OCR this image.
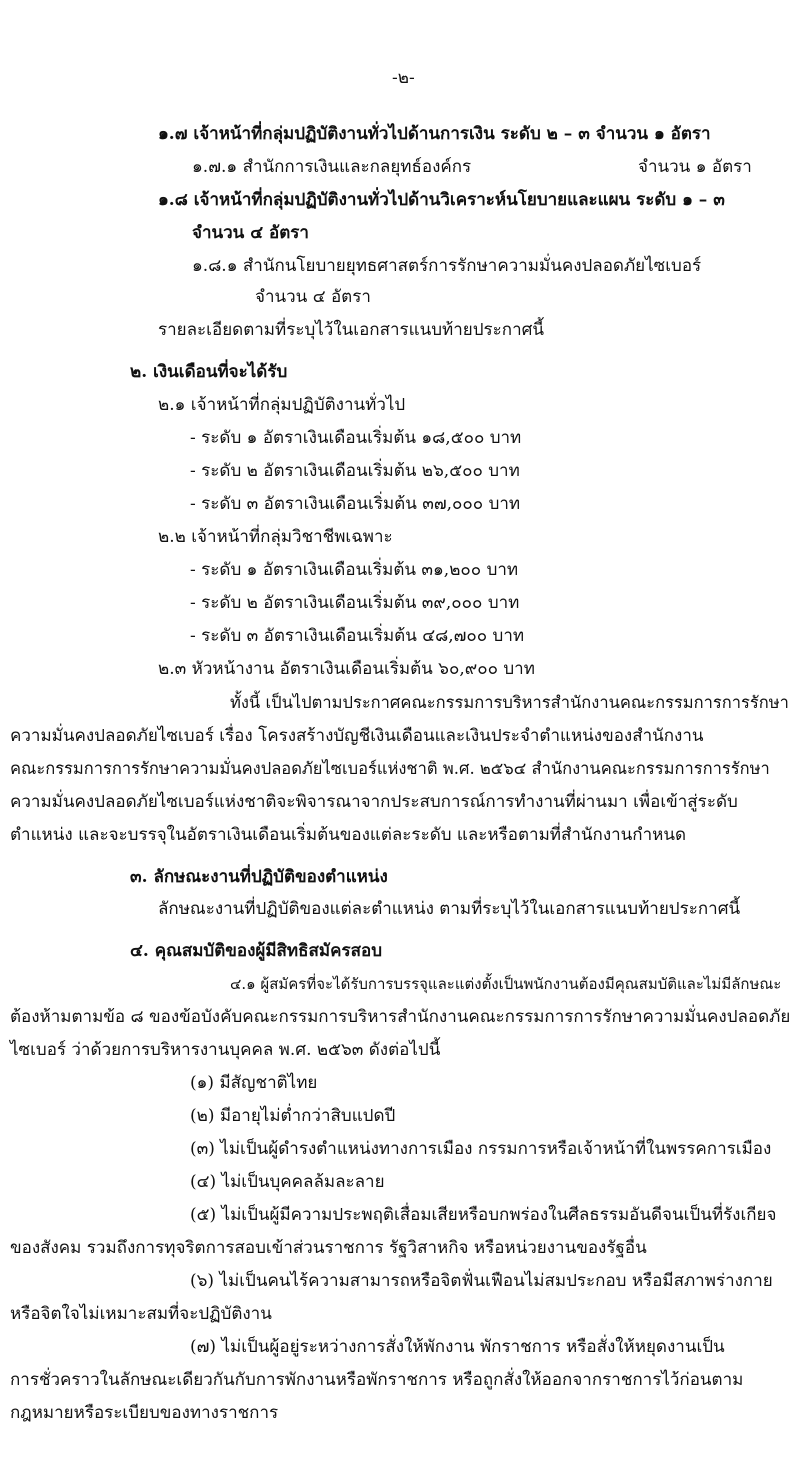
-๒-
๑.๗ เจ้าหน้าที่กลุ่มปฏิบัติงานทั่วไปด้านการเงิน ระดับ ๒ – ๓ จำนวน ๑ อัตรา
๑.๗.๑ สำนักการเงินและกลยุทธ์องค์กร	จำนวน ๑ อัตรา
๑.๘ เจ้าหน้าที่กลุ่มปฏิบัติงานทั่วไปด้านวิเคราะห์นโยบายและแผน ระดับ ๑ – ๓
จำนวน ๔ อัตรา
๑.๘.๑ สำนักนโยบายยุทธศาสตร์การรักษาความมั่นคงปลอดภัยไซเบอร์
จำนวน ๔ อัตรา
รายละเอียดตามที่ระบุไว้ในเอกสารแนบท้ายประกาศนี้
๒. เงินเดือนที่จะได้รับ
๒.๑ เจ้าหน้าที่กลุ่มปฏิบัติงานทั่วไป
- ระดับ ๑ อัตราเงินเดือนเริ่มต้น ๑๘,๕๐๐ บาท
- ระดับ ๒ อัตราเงินเดือนเริ่มต้น ๒๖,๕๐๐ บาท
- ระดับ ๓ อัตราเงินเดือนเริ่มต้น ๓๗,๐๐๐ บาท
๒.๒ เจ้าหน้าที่กลุ่มวิชาชีพเฉพาะ
- ระดับ ๑ อัตราเงินเดือนเริ่มต้น ๓๑,๒๐๐ บาท
- ระดับ ๒ อัตราเงินเดือนเริ่มต้น ๓๙,๐๐๐ บาท
- ระดับ ๓ อัตราเงินเดือนเริ่มต้น ๔๘,๗๐๐ บาท
๒.๓ หัวหน้างาน อัตราเงินเดือนเริ่มต้น ๖๐,๙๐๐ บาท
ทั้งนี้ เป็นไปตามประกาศคณะกรรมการบริหารสำนักงานคณะกรรมการการรักษา
ความมั่นคงปลอดภัยไซเบอร์ เรื่อง โครงสร้างบัญชีเงินเดือนและเงินประจำตำแหน่งของสำนักงาน
คณะกรรมการการรักษาความมั่นคงปลอดภัยไซเบอร์แห่งชาติ พ.ศ. ๒๕๖๔ สำนักงานคณะกรรมการการรักษา
ความมั่นคงปลอดภัยไซเบอร์แห่งชาติจะพิจารณาจากประสบการณ์การทำงานที่ผ่านมา เพื่อเข้าสู่ระดับ
ตำแหน่ง และจะบรรจุในอัตราเงินเดือนเริ่มต้นของแต่ละระดับ และหรือตามที่สำนักงานกำหนด
๓. ลักษณะงานที่ปฏิบัติของตำแหน่ง
ลักษณะงานที่ปฏิบัติของแต่ละตำแหน่ง ตามที่ระบุไว้ในเอกสารแนบท้ายประกาศนี้
๔. คุณสมบัติของผู้มีสิทธิสมัครสอบ
๔.๑ ผู้สมัครที่จะได้รับการบรรจุและแต่งตั้งเป็นพนักงานต้องมีคุณสมบัติและไม่มีลักษณะ
ต้องห้ามตามข้อ ๘ ของข้อบังคับคณะกรรมการบริหารสำนักงานคณะกรรมการการรักษาความมั่นคงปลอดภัย
ไซเบอร์ ว่าด้วยการบริหารงานบุคคล พ.ศ. ๒๕๖๓ ดังต่อไปนี้
(๑) มีสัญชาติไทย
(๒) มีอายุไม่ต่ำกว่าสิบแปดปี
(๓) ไม่เป็นผู้ดำรงตำแหน่งทางการเมือง กรรมการหรือเจ้าหน้าที่ในพรรคการเมือง
(๔) ไม่เป็นบุคคลล้มละลาย
(๕) ไม่เป็นผู้มีความประพฤติเสื่อมเสียหรือบกพร่องในศีลธรรมอันดีจนเป็นที่รังเกียจ
ของสังคม รวมถึงการทุจริตการสอบเข้าส่วนราชการ รัฐวิสาหกิจ หรือหน่วยงานของรัฐอื่น
(๖) ไม่เป็นคนไร้ความสามารถหรือจิตฟั่นเฟือนไม่สมประกอบ หรือมีสภาพร่างกาย
หรือจิตใจไม่เหมาะสมที่จะปฏิบัติงาน
(๗) ไม่เป็นผู้อยู่ระหว่างการสั่งให้พักงาน พักราชการ หรือสั่งให้หยุดงานเป็น
การชั่วคราวในลักษณะเดียวกันกับการพักงานหรือพักราชการ หรือถูกสั่งให้ออกจากราชการไว้ก่อนตาม
กฎหมายหรือระเบียบของทางราชการ
